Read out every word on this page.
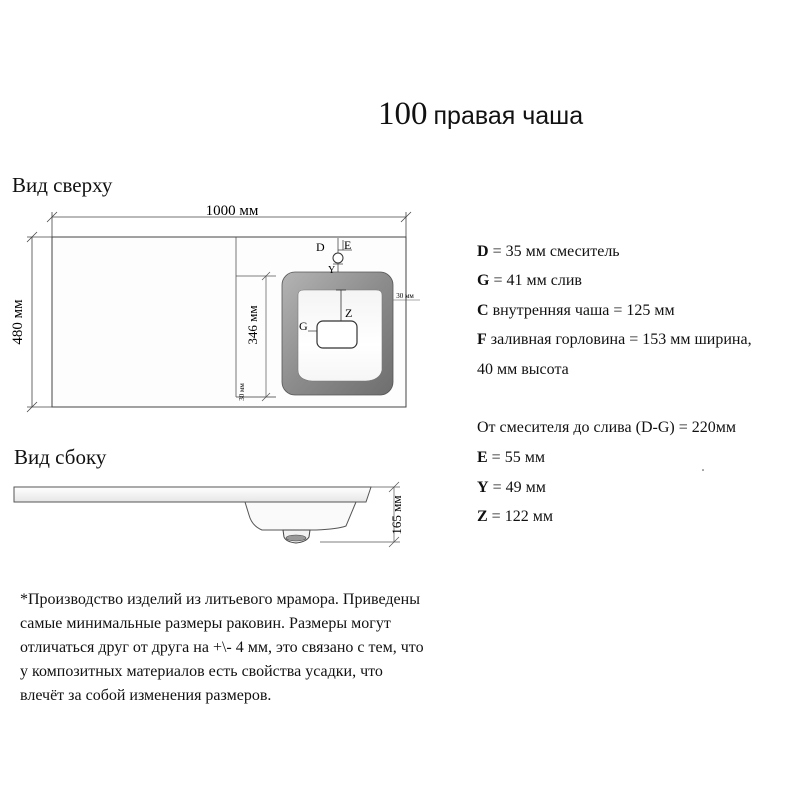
100 правая чаша
Вид сверху
Вид сбоку
1000 мм
480 мм	346 мм
30 мм
30 мм
Z
G
D E
Y
165 мм
D = 35 мм смеситель
G = 41 мм слив
C внутренняя чаша = 125 мм
F заливная горловина = 153 мм ширина,
40 мм высота
От смесителя до слива (D-G) = 220мм
E = 55 мм
Y = 49 мм
Z = 122 мм
*Производство изделий из литьевого мрамора. Приведены
самые минимальные размеры раковин. Размеры могут
отличаться друг от друга на +\- 4 мм, это связано с тем, что
у композитных материалов есть свойства усадки, что
влечёт за собой изменения размеров.
